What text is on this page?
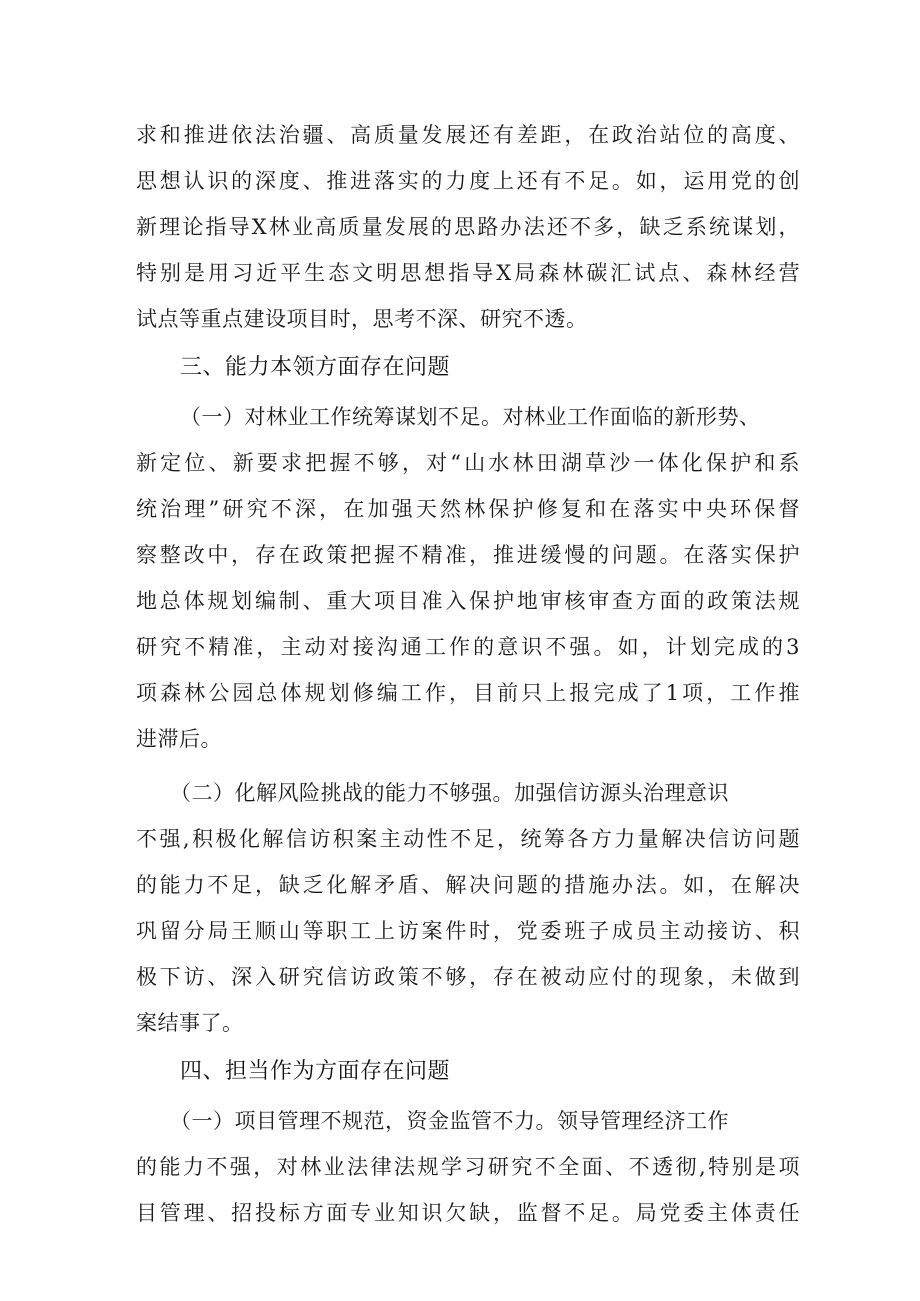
求和推进依法治疆、高质量发展还有差距，在政治站位的高度、
思想认识的深度、推进落实的力度上还有不足。如，运用党的创
新理论指导X林业高质量发展的思路办法还不多，缺乏系统谋划，
特别是用习近平生态文明思想指导X局森林碳汇试点、森林经营
试点等重点建设项目时，思考不深、研究不透。
三、能力本领方面存在问题
（一）对林业工作统筹谋划不足。对林业工作面临的新形势、
新定位、新要求把握不够，对“山水林田湖草沙一体化保护和系
统治理”研究不深，在加强天然林保护修复和在落实中央环保督
察整改中，存在政策把握不精准，推进缓慢的问题。在落实保护
地总体规划编制、重大项目准入保护地审核审查方面的政策法规
研究不精准，主动对接沟通工作的意识不强。如，计划完成的3
项森林公园总体规划修编工作，目前只上报完成了1项，工作推
进滞后。
（二）化解风险挑战的能力不够强。加强信访源头治理意识
不强,积极化解信访积案主动性不足，统筹各方力量解决信访问题
的能力不足，缺乏化解矛盾、解决问题的措施办法。如，在解决
巩留分局王顺山等职工上访案件时，党委班子成员主动接访、积
极下访、深入研究信访政策不够，存在被动应付的现象，未做到
案结事了。
四、担当作为方面存在问题
（一）项目管理不规范，资金监管不力。领导管理经济工作
的能力不强，对林业法律法规学习研究不全面、不透彻,特别是项
目管理、招投标方面专业知识欠缺，监督不足。局党委主体责任
